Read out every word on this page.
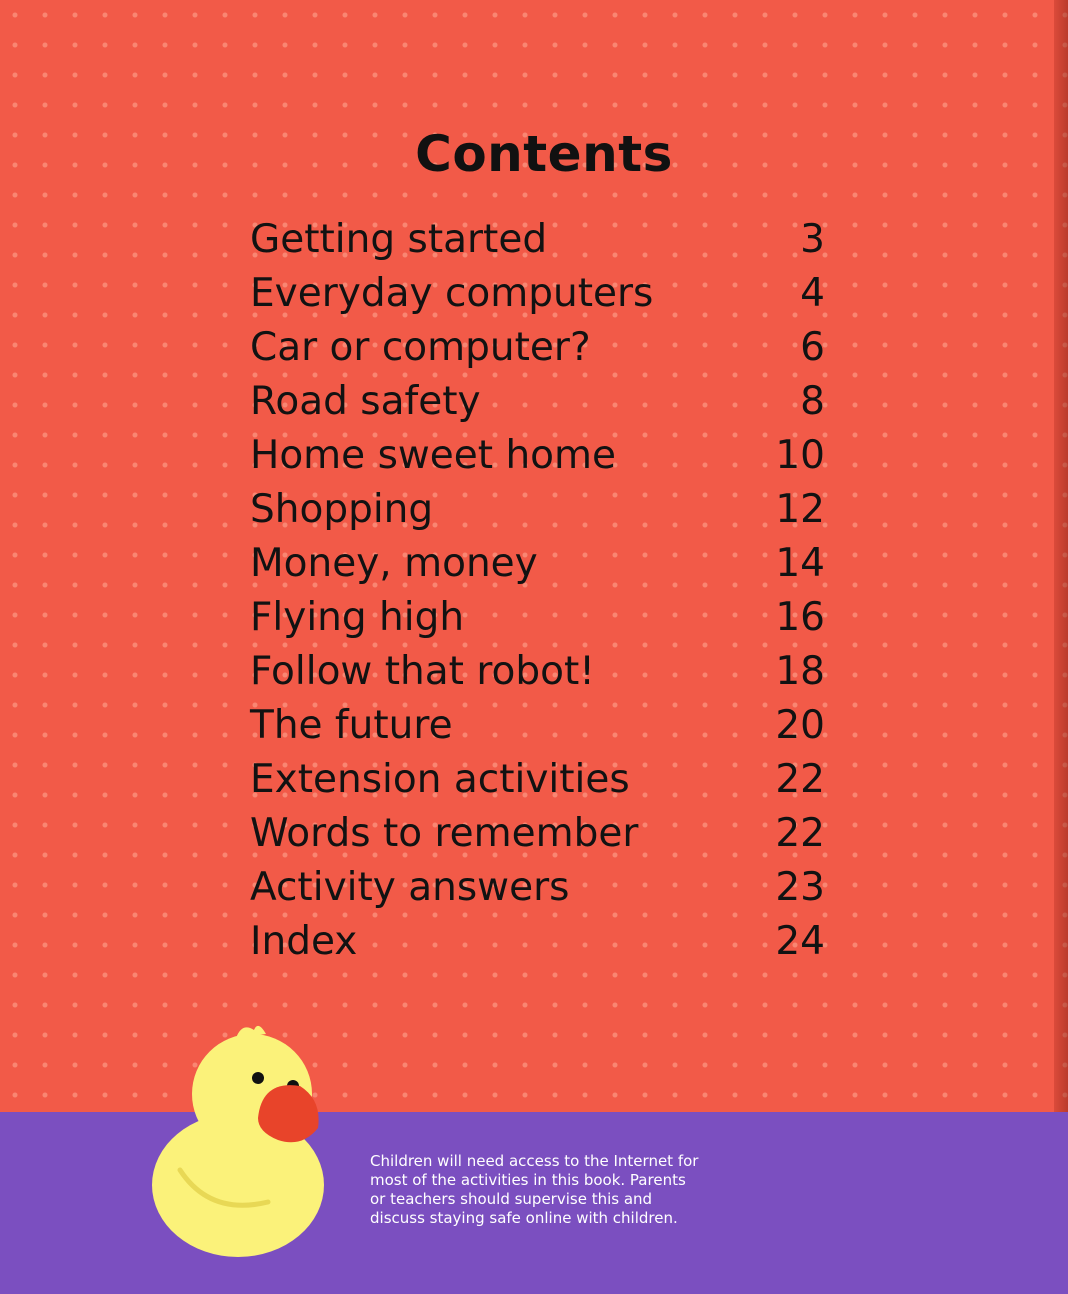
Contents
Getting started	3
Everyday computers	4
Car or computer?	6
Road safety	8
Home sweet home	10
Shopping	12
Money, money	14
Flying high	16
Follow that robot!	18
The future	20
Extension activities	22
Words to remember	22
Activity answers	23
Index	24
Children will need access to the Internet for
most of the activities in this book. Parents
or teachers should supervise this and
discuss staying safe online with children.
